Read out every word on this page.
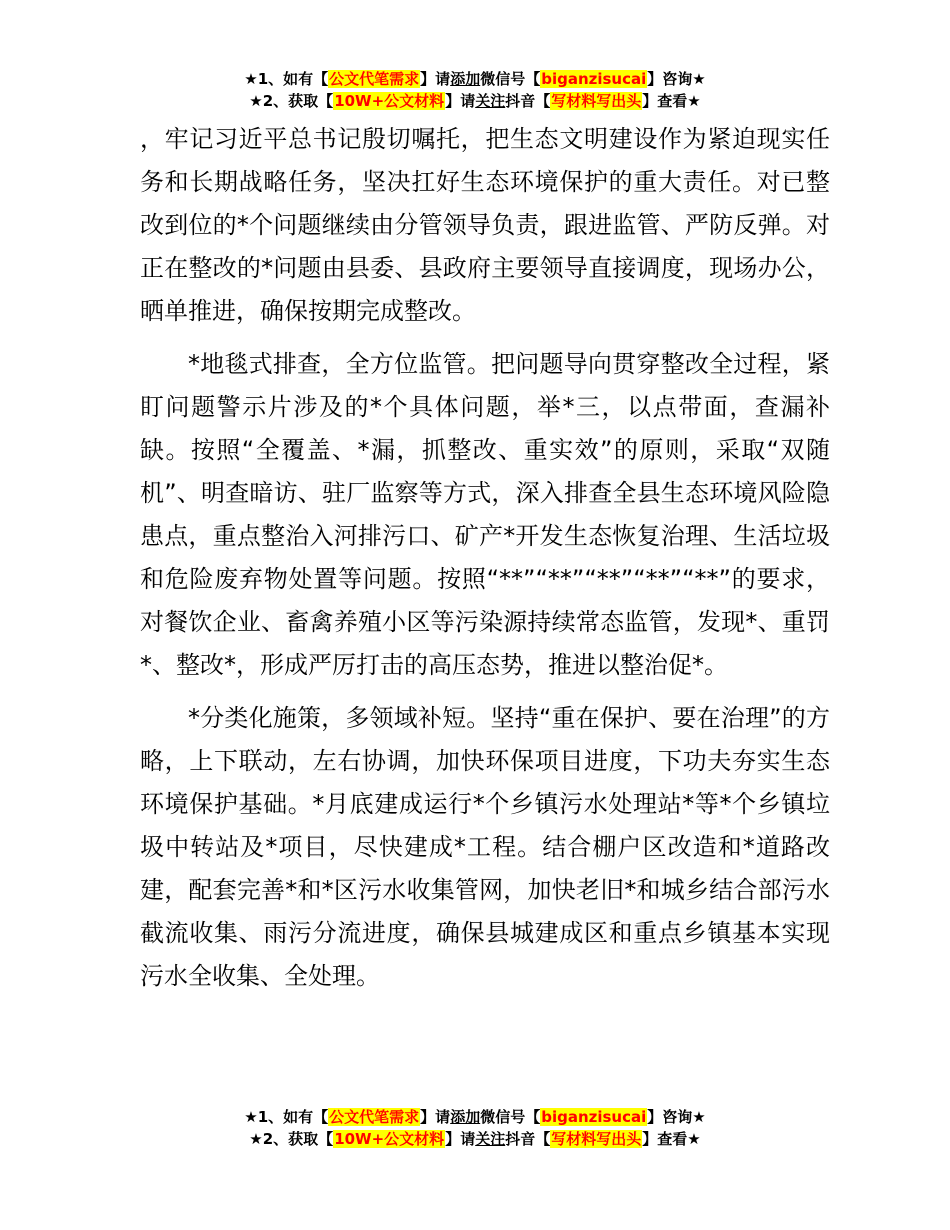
★1、如有【公文代笔需求】请添加微信号【biganzisucai】咨询★
★2、获取【10W+公文材料】请关注抖音【写材料写出头】查看★

，牢记习近平总书记殷切嘱托，把生态文明建设作为紧迫现实任务和长期战略任务，坚决扛好生态环境保护的重大责任。对已整改到位的*个问题继续由分管领导负责，跟进监管、严防反弹。对正在整改的*问题由县委、县政府主要领导直接调度，现场办公，晒单推进，确保按期完成整改。

*地毯式排查，全方位监管。把问题导向贯穿整改全过程，紧盯问题警示片涉及的*个具体问题，举*三，以点带面，查漏补缺。按照“全覆盖、*漏，抓整改、重实效”的原则，采取“双随机”、明查暗访、驻厂监察等方式，深入排查全县生态环境风险隐患点，重点整治入河排污口、矿产*开发生态恢复治理、生活垃圾和危险废弃物处置等问题。按照“**”“**”“**”“**”“**”的要求，对餐饮企业、畜禽养殖小区等污染源持续常态监管，发现*、重罚*、整改*，形成严厉打击的高压态势，推进以整治促*。

*分类化施策，多领域补短。坚持“重在保护、要在治理”的方略，上下联动，左右协调，加快环保项目进度，下功夫夯实生态环境保护基础。*月底建成运行*个乡镇污水处理站*等*个乡镇垃圾中转站及*项目，尽快建成*工程。结合棚户区改造和*道路改建，配套完善*和*区污水收集管网，加快老旧*和城乡结合部污水截流收集、雨污分流进度，确保县城建成区和重点乡镇基本实现污水全收集、全处理。

★1、如有【公文代笔需求】请添加微信号【biganzisucai】咨询★
★2、获取【10W+公文材料】请关注抖音【写材料写出头】查看★
